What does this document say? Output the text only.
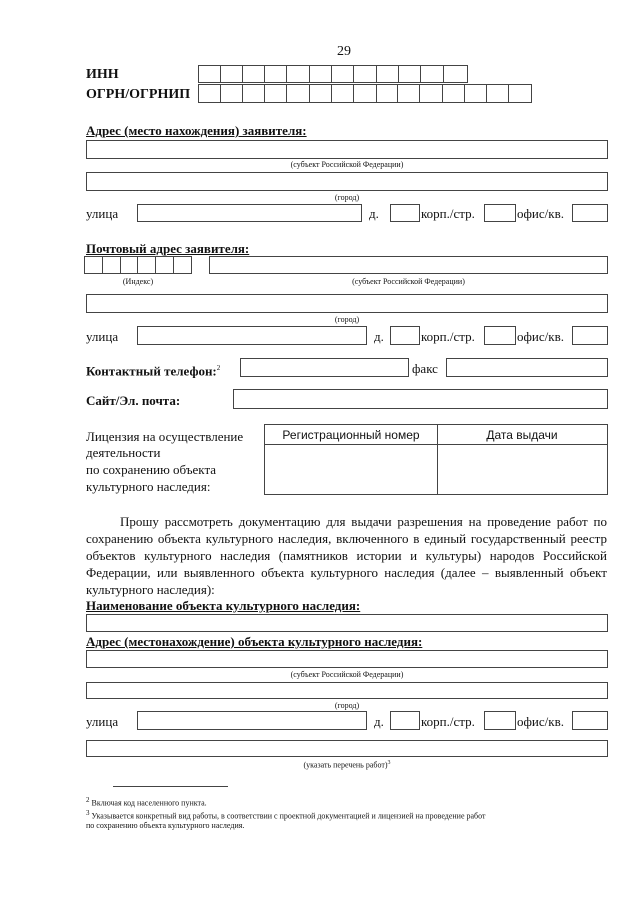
29
ИНН
ОГРН/ОГРНИП
Адрес (место нахождения) заявителя:
(субъект Российской Федерации)
(город)
улица	д.	корп./стр.	офис/кв.
Почтовый адрес заявителя:
(Индекс)	(субъект Российской Федерации)
(город)
улица	д.	корп./стр.	офис/кв.
Контактный телефон:$^2$	факс
Сайт/Эл. почта:
Лицензия на осуществление
деятельности
по сохранению объекта
культурного наследия:
Регистрационный номер	Дата выдачи
Прошу рассмотреть документацию для выдачи разрешения на проведение работ по сохранению объекта культурного наследия, включенного в единый государственный реестр объектов культурного наследия (памятников истории и культуры) народов Российской Федерации, или выявленного объекта культурного наследия (далее – выявленный объект культурного наследия):
Наименование объекта культурного наследия:
Адрес (местонахождение) объекта культурного наследия:
(субъект Российской Федерации)
(город)
улица	д.	корп./стр.	офис/кв.
(указать перечень работ)$^3$
$^2$ Включая код населенного пункта.
$^3$ Указывается конкретный вид работы, в соответствии с проектной документацией и лицензией на проведение работ
по сохранению объекта культурного наследия.
